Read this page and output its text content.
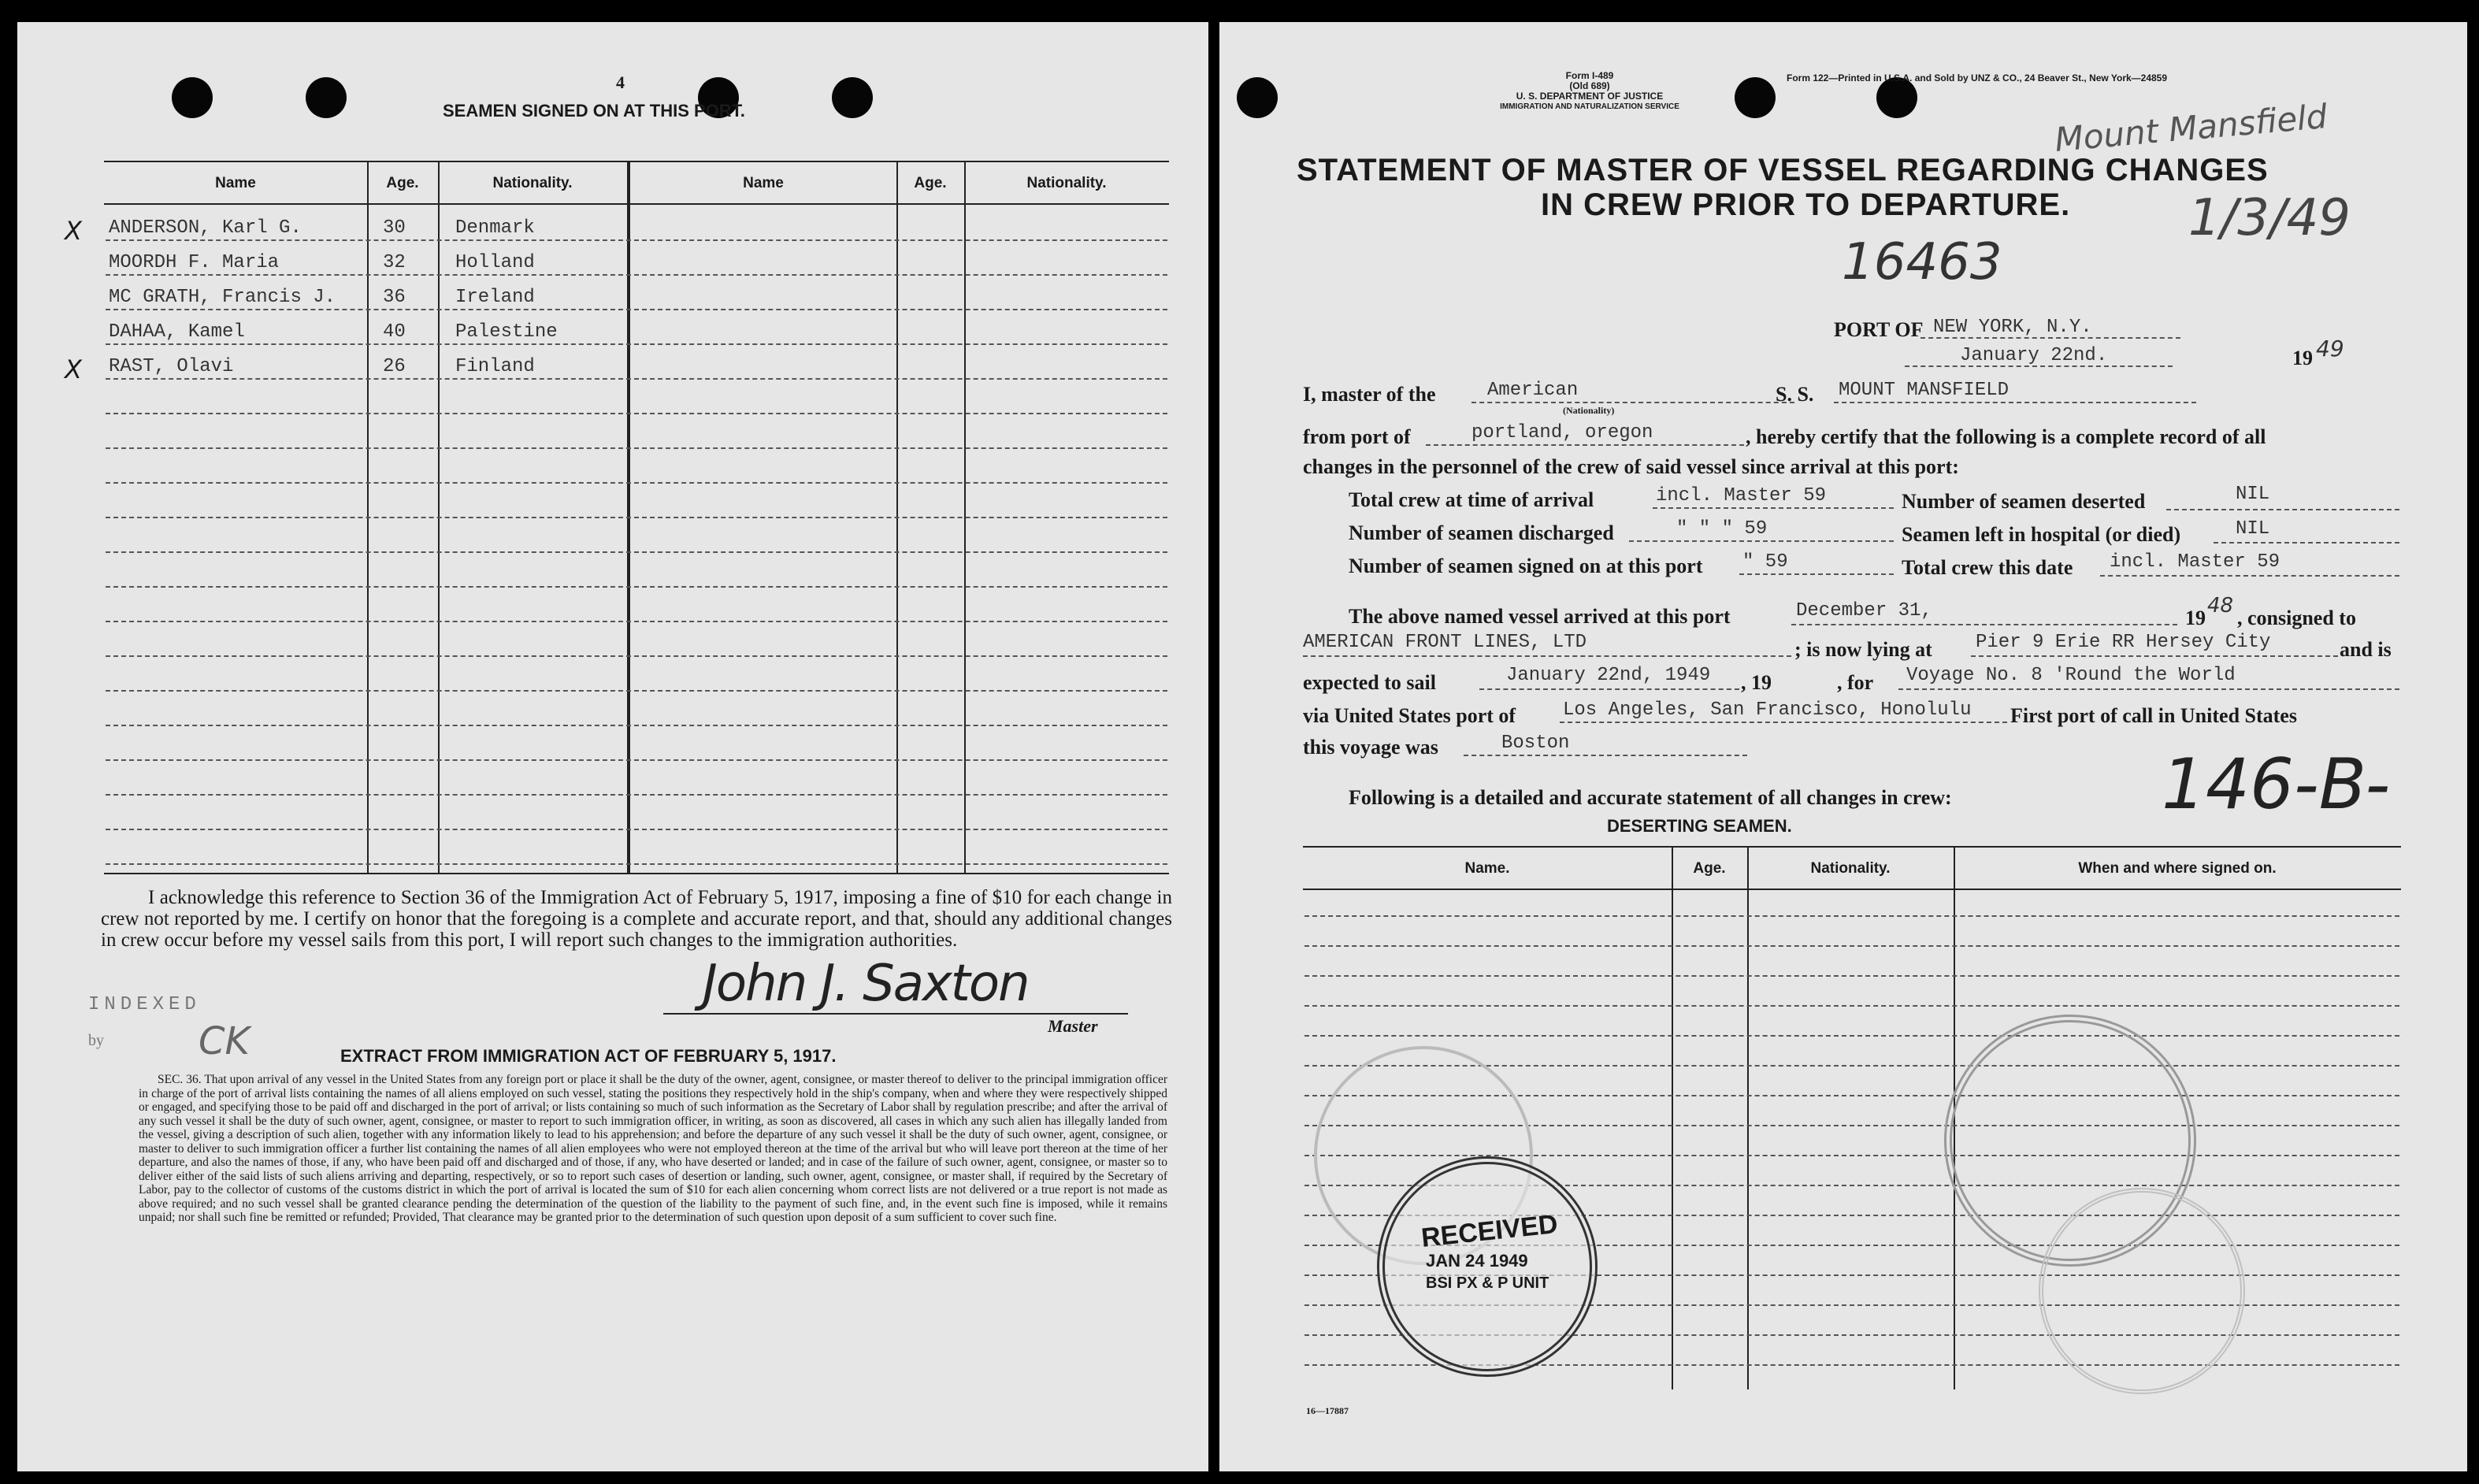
4
SEAMEN SIGNED ON AT THIS PORT.
Name	Age.	Nationality.	Name	Age.	Nationality.
X ANDERSON, Karl G.	30	Denmark
MOORDH F. Maria	32	Holland
MC GRATH, Francis J. 36	Ireland
DAHAA, Kamel	40	Palestine
X RAST, Olavi	26	Finland
I acknowledge this reference to Section 36 of the Immigration Act of February 5, 1917, imposing a fine of $10 for each change in crew not reported by me. I certify on honor that the foregoing is a complete and accurate report, and that, should any additional changes in crew occur before my vessel sails from this port, I will report such changes to the immigration authorities.
INDEXED
by	CK
John J. Saxton
Master
EXTRACT FROM IMMIGRATION ACT OF FEBRUARY 5, 1917.
SEC. 36. That upon arrival of any vessel in the United States from any foreign port or place it shall be the duty of the owner, agent, consignee, or master thereof to deliver to the principal immigration officer in charge of the port of arrival lists containing the names of all aliens employed on such vessel, stating the positions they respectively hold in the ship's company, when and where they were respectively shipped or engaged, and specifying those to be paid off and discharged in the port of arrival; or lists containing so much of such information as the Secretary of Labor shall by regulation prescribe; and after the arrival of any such vessel it shall be the duty of such owner, agent, consignee, or master to report to such immigration officer, in writing, as soon as discovered, all cases in which any such alien has illegally landed from the vessel, giving a description of such alien, together with any information likely to lead to his apprehension; and before the departure of any such vessel it shall be the duty of such owner, agent, consignee, or master to deliver to such immigration officer a further list containing the names of all alien employees who were not employed thereon at the time of the arrival but who will leave port thereon at the time of her departure, and also the names of those, if any, who have been paid off and discharged and of those, if any, who have deserted or landed; and in case of the failure of such owner, agent, consignee, or master so to deliver either of the said lists of such aliens arriving and departing, respectively, or so to report such cases of desertion or landing, such owner, agent, consignee, or master shall, if required by the Secretary of Labor, pay to the collector of customs of the customs district in which the port of arrival is located the sum of $10 for each alien concerning whom correct lists are not delivered or a true report is not made as above required; and no such vessel shall be granted clearance pending the determination of the question of the liability to the payment of such fine, and, in the event such fine is imposed, while it remains unpaid; nor shall such fine be remitted or refunded; Provided, That clearance may be granted prior to the determination of such question upon deposit of a sum sufficient to cover such fine.
Form I-489
(Old 689)
U. S. DEPARTMENT OF JUSTICE
IMMIGRATION AND NATURALIZATION SERVICE
Form 122—Printed in U.S.A. and Sold by UNZ & CO., 24 Beaver St., New York—24859
Mount Mansfield
1/3/49
STATEMENT OF MASTER OF VESSEL REGARDING CHANGES
IN CREW PRIOR TO DEPARTURE.
16463
PORT OF NEW YORK, N.Y.
January 22nd.	19 49
I, master of the	American
(Nationality)
S. S. MOUNT MANSFIELD
from port of	portland, oregon	, hereby certify that the following is a complete record of all
changes in the personnel of the crew of said vessel since arrival at this port:
Total crew at time of arrival	incl. Master 59	Number of seamen deserted	NIL
Number of seamen discharged	" " " 59	Seamen left in hospital (or died)	NIL
Number of seamen signed on at this port " 59	Total crew this date incl. Master 59
The above named vessel arrived at this port	December 31,	19
48
, consigned to
AMERICAN FRONT LINES, LTD	; is now lying at Pier 9 Erie RR Hersey City	and is
expected to sail	January 22nd, 1949 , 19	, for Voyage No. 8 'Round the World
via United States port of Los Angeles, San Francisco, Honolulu First port of call in United States
this voyage was	Boston
146-B-
Following is a detailed and accurate statement of all changes in crew:
DESERTING SEAMEN.
Name.	Age.	Nationality.	When and where signed on.
RECEIVED
JAN 24 1949
BSI PX & P UNIT
16—17887
